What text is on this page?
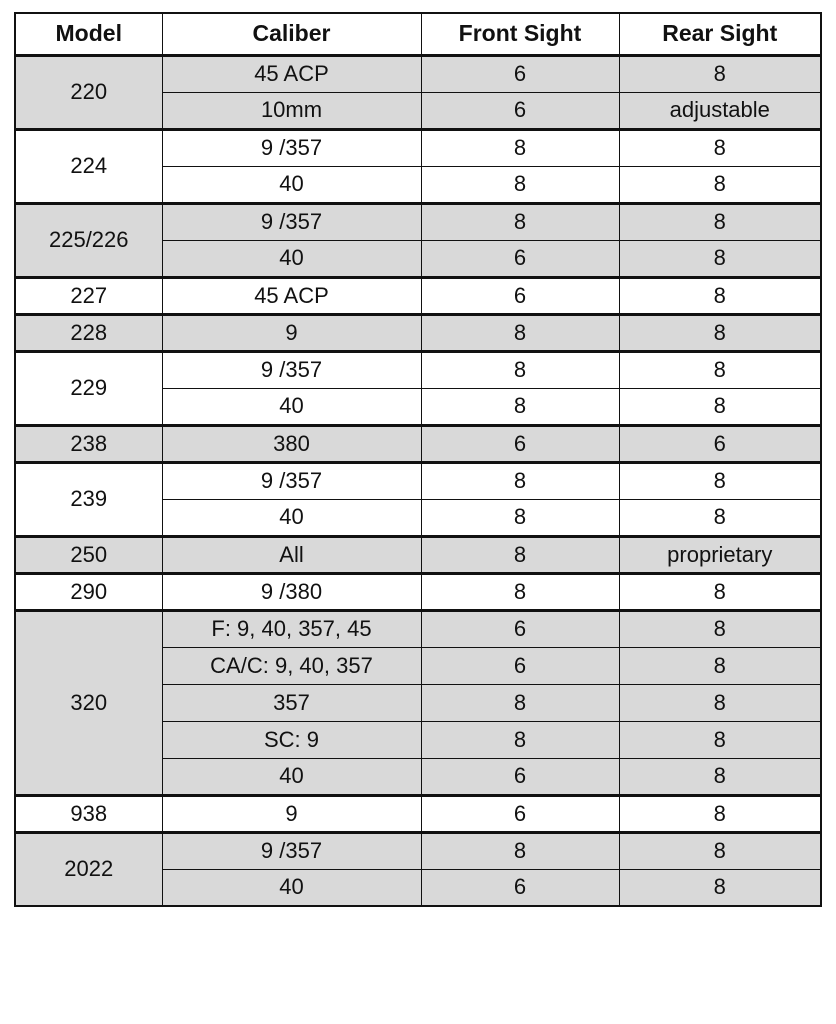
Model	Caliber	Front Sight	Rear Sight
220	45 ACP	6	8
	10mm	6	adjustable
224	9 /357	8	8
	40	8	8
225/226	9 /357	8	8
	40	6	8
227	45 ACP	6	8
228	9	8	8
229	9 /357	8	8
	40	8	8
238	380	6	6
239	9 /357	8	8
	40	8	8
250	All	8	proprietary
290	9 /380	8	8
320	F: 9, 40, 357, 45	6	8
	CA/C: 9, 40, 357	6	8
	357	8	8
	SC: 9	8	8
	40	6	8
938	9	6	8
2022	9 /357	8	8
	40	6	8
